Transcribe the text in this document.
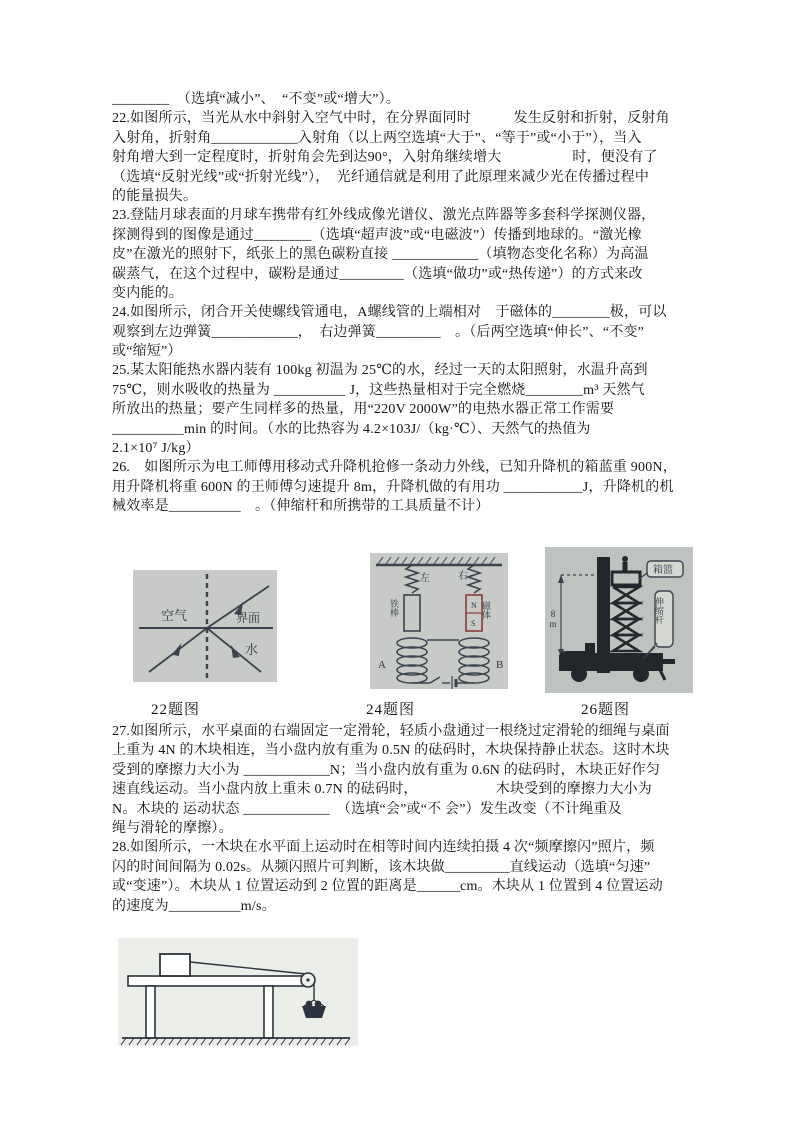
________　（选填“减小”、　“不变”或“增大”）。
22.如图所示，当光从水中斜射入空气中时，在分界面同时　　　发生反射和折射，反射角
入射角，折射角____________入射角（以上两空选填“大于”、“等于”或“小于”），当入
射角增大到一定程度时，折射角会先到达90°，入射角继续增大　　　　　时，便没有了
（选填“反射光线”或“折射光线”），　光纤通信就是利用了此原理来减少光在传播过程中
的能量损失。
23.登陆月球表面的月球车携带有红外线成像光谱仪、激光点阵器等多套科学探测仪器，
探测得到的图像是通过________（选填“超声波”或“电磁波”）传播到地球的。“激光橡
皮”在激光的照射下，纸张上的黑色碳粉直接 ____________（填物态变化名称）为高温
碳蒸气，在这个过程中，碳粉是通过_________（选填“做功”或“热传递”）的方式来改
变内能的。
24.如图所示，闭合开关使螺线管通电，A螺线管的上端相对　于磁体的________极，可以
观察到左边弹簧____________，　右边弹簧_________　。（后两空选填“伸长”、“不变”
或“缩短”）
25.某太阳能热水器内装有 100kg 初温为 25℃的水，经过一天的太阳照射，水温升高到
75℃，则水吸收的热量为 __________ J，这些热量相对于完全燃烧________m³ 天然气
所放出的热量；要产生同样多的热量，用“220V 2000W”的电热水器正常工作需要
__________min 的时间。（水的比热容为 4.2×103J/（kg·℃）、天然气的热值为
2.1×10⁷ J/kg）
26.　如图所示为电工师傅用移动式升降机抢修一条动力外线，已知升降机的箱蓝重 900N，
用升降机将重 600N 的王师傅匀速提升 8m，升降机做的有用功 ___________J，升降机的机
械效率是__________　。（伸缩杆和所携带的工具质量不计）
空气	界面
水
左	右
铁棒	N
S
磁体
A	B
8m
箱篮
伸缩杆
22题图	24题图	26题图
27.如图所示，水平桌面的右端固定一定滑轮，轻质小盘通过一根绕过定滑轮的细绳与桌面
上重为 4N 的木块相连，当小盘内放有重为 0.5N 的砝码时，木块保持静止状态。这时木块
受到的摩擦力大小为 ____________N；当小盘内放有重为 0.6N 的砝码时，木块正好作匀
速直线运动。当小盘内放上重未 0.7N 的砝码时，　　　　　　木块受到的摩擦力大小为
N。木块的 运动状态 ____________　（选填“会”或“不 会”）发生改变（不计绳重及
绳与滑轮的摩擦）。
28.如图所示，一木块在水平面上运动时在相等时间内连续拍摄 4 次“频摩擦闪”照片，频
闪的时间间隔为 0.02s。从频闪照片可判断，该木块做_________直线运动（选填“匀速”
或“变速”）。木块从 1 位置运动到 2 位置的距离是______cm。木块从 1 位置到 4 位置运动
的速度为__________m/s。
